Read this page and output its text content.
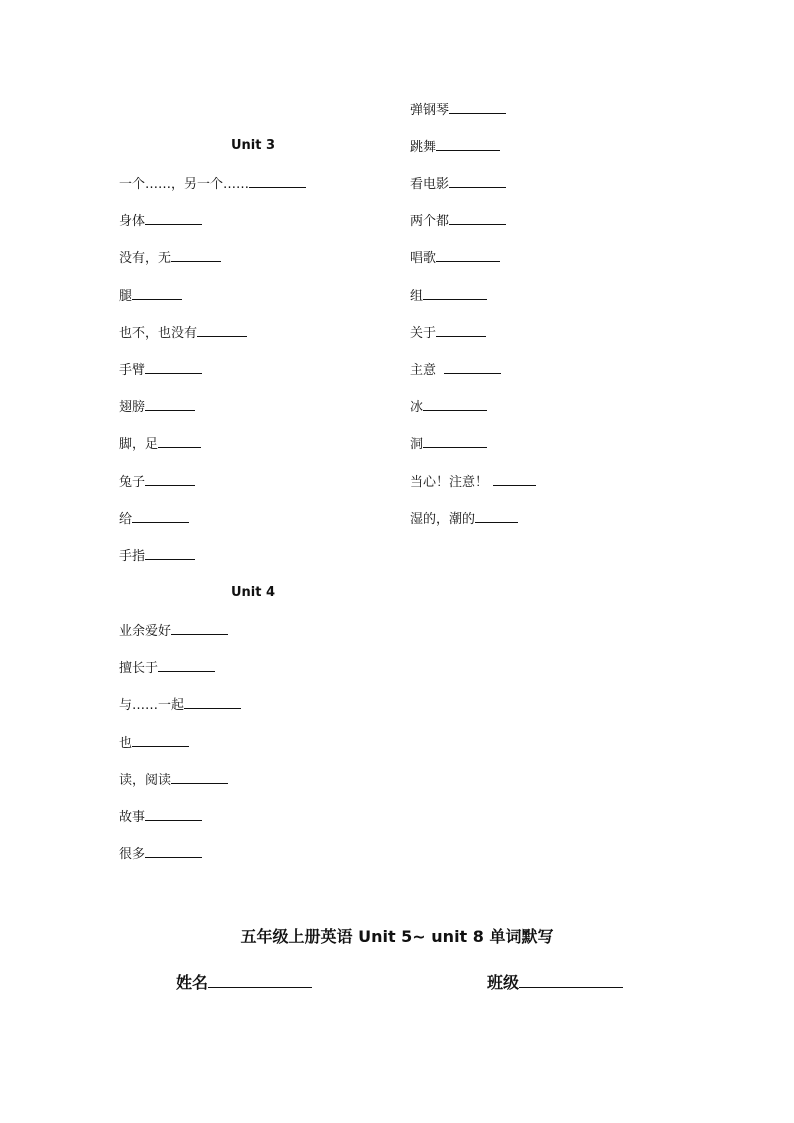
Unit 3
一个……，另一个……
身体
没有，无
腿
也不，也没有
手臂
翅膀
脚，足
兔子
给
手指
Unit 4
业余爱好
擅长于
与……一起
也
读，阅读
故事
很多
弹钢琴
跳舞
看电影
两个都
唱歌
组
关于
主意
冰
洞
当心！注意！
湿的，潮的
五年级上册英语 Unit 5~ unit 8 单词默写
姓名	班级
